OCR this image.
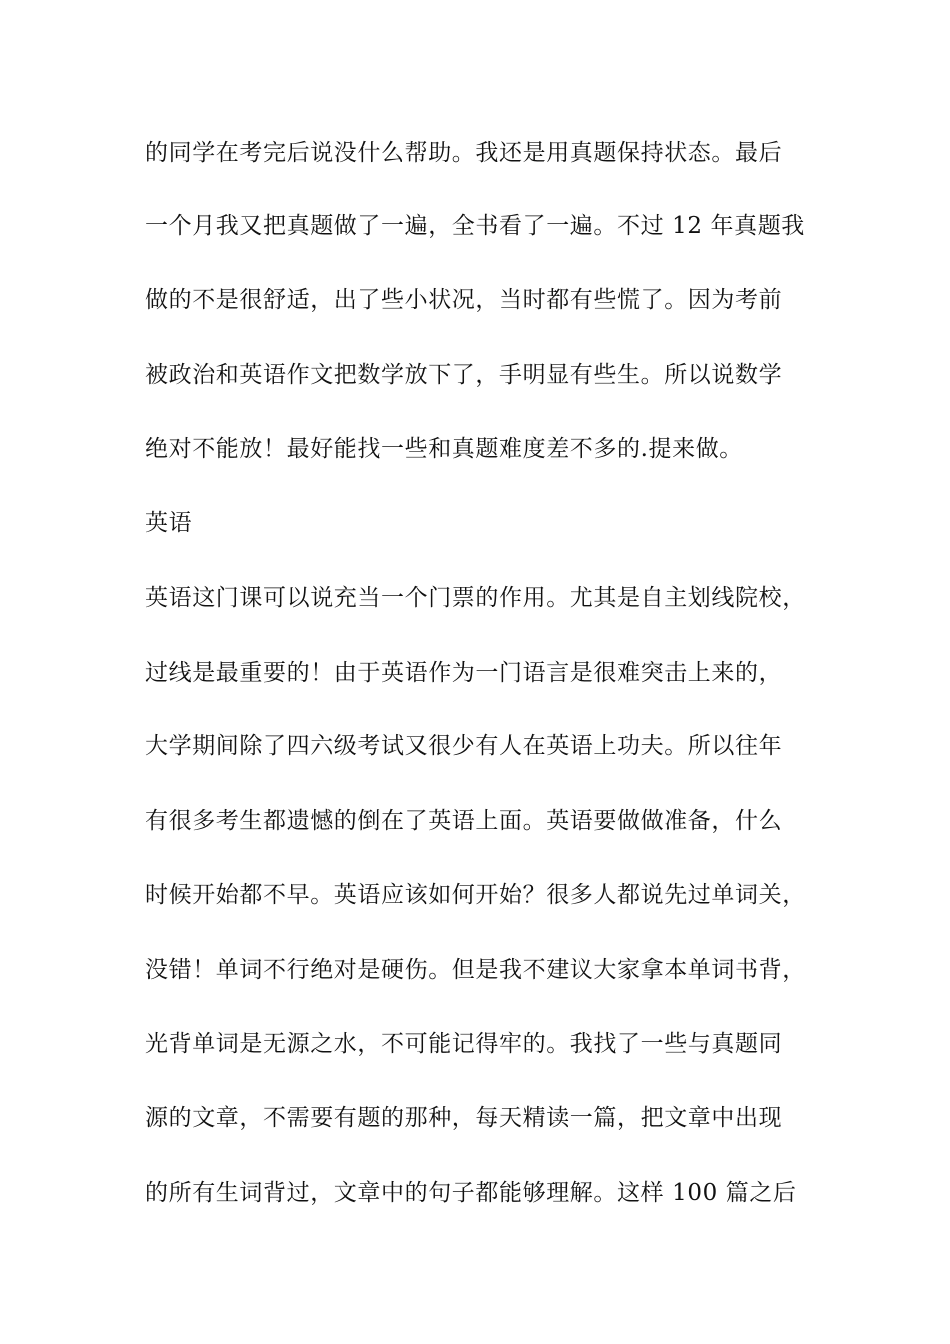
的同学在考完后说没什么帮助。我还是用真题保持状态。最后

一个月我又把真题做了一遍，全书看了一遍。不过 12 年真题我

做的不是很舒适，出了些小状况，当时都有些慌了。因为考前

被政治和英语作文把数学放下了，手明显有些生。所以说数学

绝对不能放！最好能找一些和真题难度差不多的.提来做。

英语

英语这门课可以说充当一个门票的作用。尤其是自主划线院校，

过线是最重要的！由于英语作为一门语言是很难突击上来的，

大学期间除了四六级考试又很少有人在英语上功夫。所以往年

有很多考生都遗憾的倒在了英语上面。英语要做做准备，什么

时候开始都不早。英语应该如何开始？很多人都说先过单词关，

没错！单词不行绝对是硬伤。但是我不建议大家拿本单词书背，

光背单词是无源之水，不可能记得牢的。我找了一些与真题同

源的文章，不需要有题的那种，每天精读一篇，把文章中出现

的所有生词背过，文章中的句子都能够理解。这样 100 篇之后
